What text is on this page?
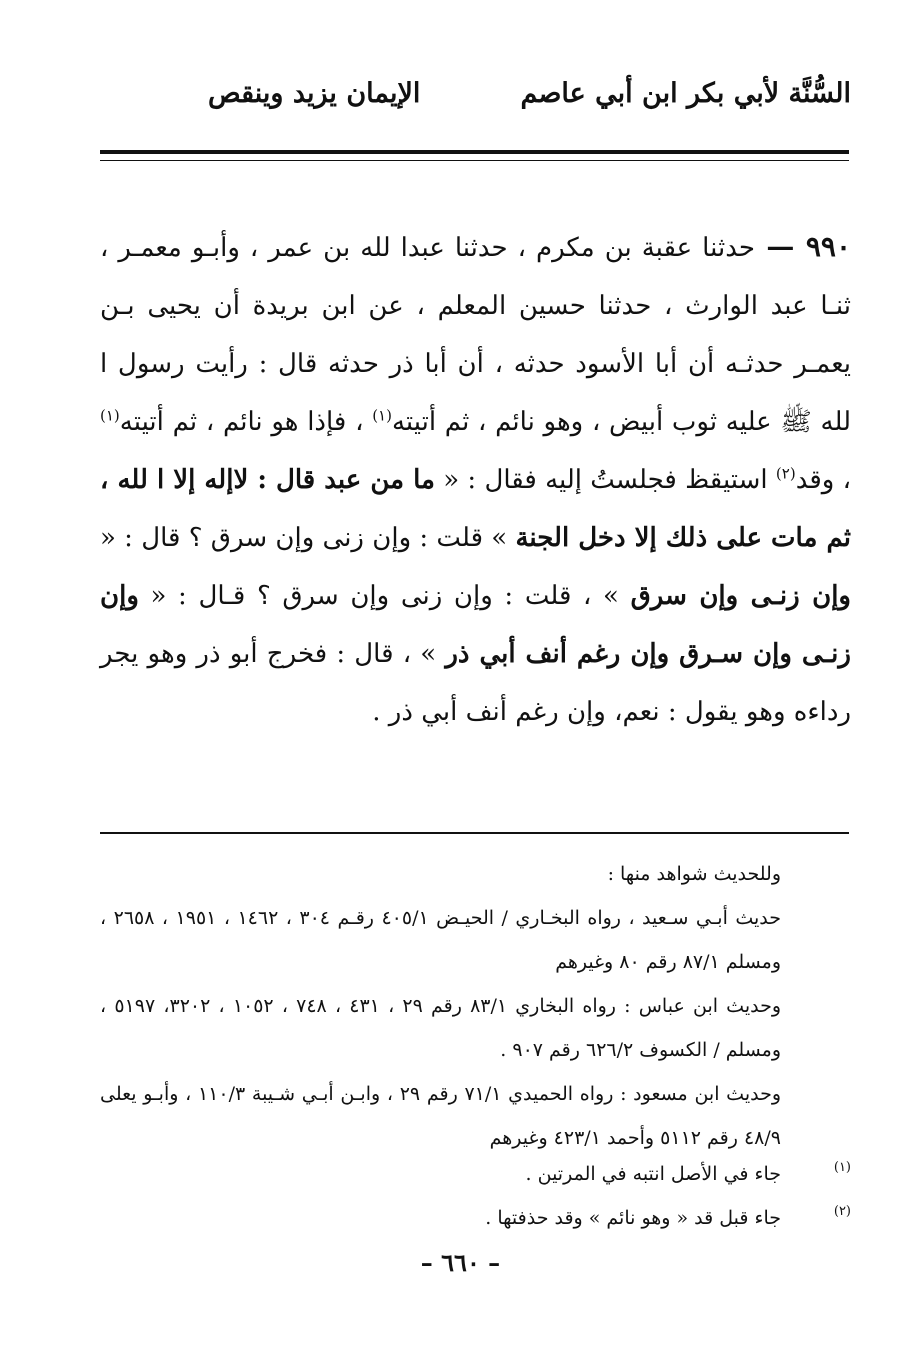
السُّنَّة لأبي بكر ابن أبي عاصم
الإيمان يزيد وينقص
٩٩٠ — حدثنا عقبة بن مكرم ، حدثنا عبدا لله بن عمر ، وأبـو معمـر ، ثنـا عبد الوارث ، حدثنا حسين المعلم ، عن ابن بريدة أن يحيى بـن يعمـر حدثـه أن أبا الأسود حدثه ، أن أبا ذر حدثه قال : رأيت رسول ا لله ﷺ عليه ثوب أبيض ، وهو نائم ، ثم أتيته$^{(١)}$ ، فإذا هو نائم ، ثم أتيته$^{(١)}$ ، وقد$^{(٢)}$ استيقظ فجلستُ إليه فقال : « ما من عبد قال : لاإله إلا ا لله ، ثم مات على ذلك إلا دخل الجنة » قلت : وإن زنى وإن سرق ؟ قال : « وإن زنـى وإن سرق » ، قلت : وإن زنى وإن سرق ؟ قـال : « وإن زنـى وإن سـرق وإن رغم أنف أبي ذر » ، قال : فخرج أبو ذر وهو يجر رداءه وهو يقول : نعم، وإن رغم أنف أبي ذر .

وللحديث شواهد منها :

حديث أبـي سـعيد ، رواه البخـاري / الحيـض ٤٠٥/١ رقـم ٣٠٤ ، ١٤٦٢ ، ١٩٥١ ، ٢٦٥٨ ، ومسلم ٨٧/١ رقم ٨٠ وغيرهم

وحديث ابن عباس : رواه البخاري ٨٣/١ رقم ٢٩ ، ٤٣١ ، ٧٤٨ ، ١٠٥٢ ، ٣٢٠٢، ٥١٩٧ ، ومسلم / الكسوف ٦٢٦/٢ رقم ٩٠٧ .

وحديث ابن مسعود : رواه الحميدي ٧١/١ رقم ٢٩ ، وابـن أبـي شـيبة ١١٠/٣ ، وأبـو يعلى ٤٨/٩ رقم ٥١١٢ وأحمد ٤٢٣/١ وغيرهم

(١)
جاء في الأصل انتبه في المرتين .
(٢)
جاء قبل قد « وهو نائم » وقد حذفتها .
– ٦٦٠ –
